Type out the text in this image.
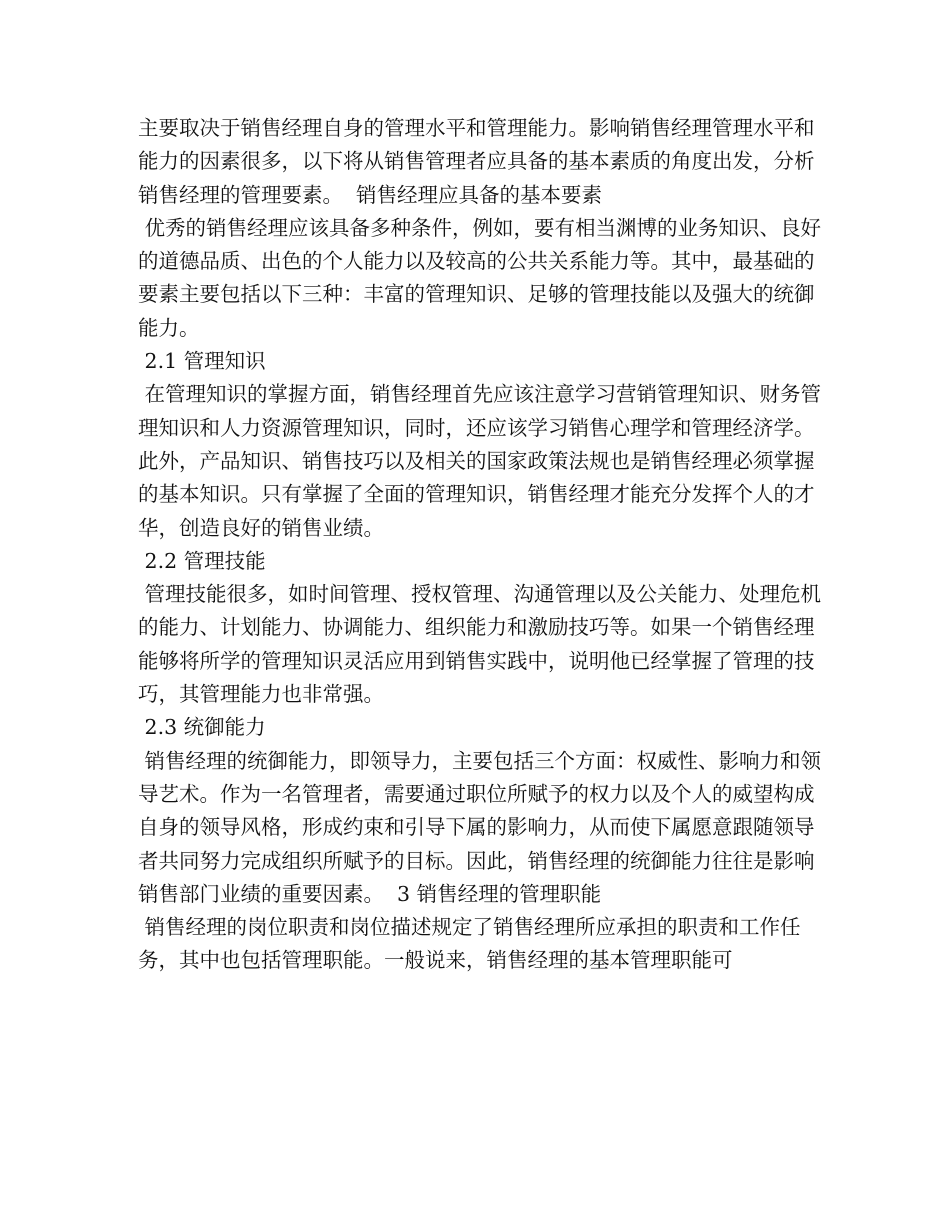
主要取决于销售经理自身的管理水平和管理能力。影响销售经理管理水平和能力的因素很多，以下将从销售管理者应具备的基本素质的角度出发，分析销售经理的管理要素。  销售经理应具备的基本要素

优秀的销售经理应该具备多种条件，例如，要有相当渊博的业务知识、良好的道德品质、出色的个人能力以及较高的公共关系能力等。其中，最基础的要素主要包括以下三种：丰富的管理知识、足够的管理技能以及强大的统御能力。

2.1 管理知识

在管理知识的掌握方面，销售经理首先应该注意学习营销管理知识、财务管理知识和人力资源管理知识，同时，还应该学习销售心理学和管理经济学。此外，产品知识、销售技巧以及相关的国家政策法规也是销售经理必须掌握的基本知识。只有掌握了全面的管理知识，销售经理才能充分发挥个人的才华，创造良好的销售业绩。

2.2 管理技能

管理技能很多，如时间管理、授权管理、沟通管理以及公关能力、处理危机的能力、计划能力、协调能力、组织能力和激励技巧等。如果一个销售经理能够将所学的管理知识灵活应用到销售实践中，说明他已经掌握了管理的技巧，其管理能力也非常强。

2.3 统御能力

销售经理的统御能力，即领导力，主要包括三个方面：权威性、影响力和领导艺术。作为一名管理者，需要通过职位所赋予的权力以及个人的威望构成自身的领导风格，形成约束和引导下属的影响力，从而使下属愿意跟随领导者共同努力完成组织所赋予的目标。因此，销售经理的统御能力往往是影响销售部门业绩的重要因素。  3 销售经理的管理职能

销售经理的岗位职责和岗位描述规定了销售经理所应承担的职责和工作任务，其中也包括管理职能。一般说来，销售经理的基本管理职能可
